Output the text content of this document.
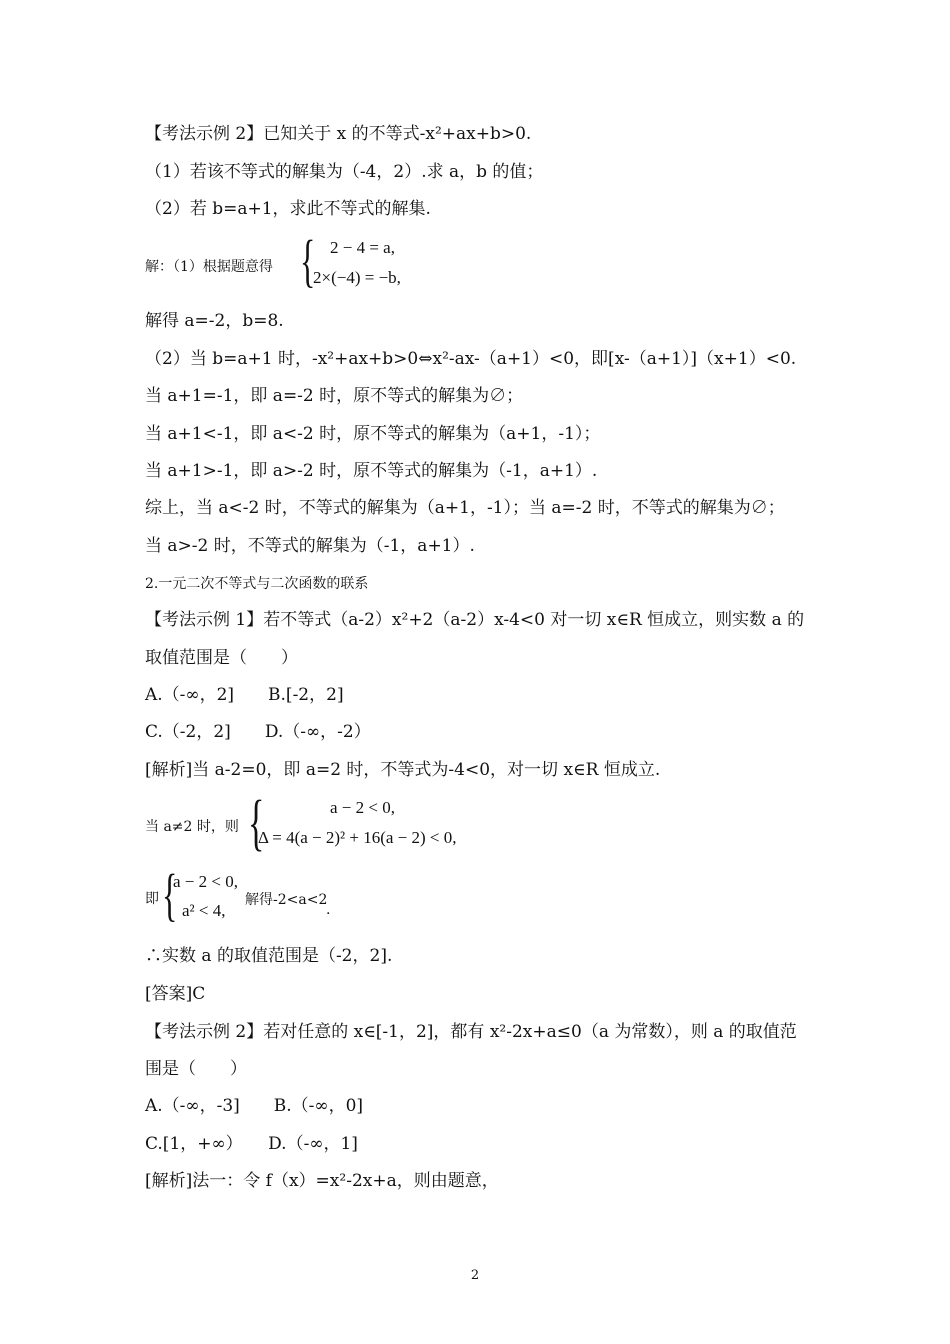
【考法示例 2】已知关于 x 的不等式-x²+ax+b>0.
（1）若该不等式的解集为（-4，2）.求 a，b 的值；
（2）若 b=a+1，求此不等式的解集.
解：（1）根据题意得 { 2 − 4 = a,
2×(−4) = −b,
解得 a=-2，b=8.
（2）当 b=a+1 时，-x²+ax+b>0⇔x²-ax-（a+1）<0，即[x-（a+1）]（x+1）<0.
当 a+1=-1，即 a=-2 时，原不等式的解集为∅；
当 a+1<-1，即 a<-2 时，原不等式的解集为（a+1，-1）；
当 a+1>-1，即 a>-2 时，原不等式的解集为（-1，a+1）.
综上，当 a<-2 时，不等式的解集为（a+1，-1）；当 a=-2 时，不等式的解集为∅；
当 a>-2 时，不等式的解集为（-1，a+1）.
2.一元二次不等式与二次函数的联系
【考法示例 1】若不等式（a-2）x²+2（a-2）x-4<0 对一切 x∈R 恒成立，则实数 a 的
取值范围是（　　）
A.（-∞，2]　　B.[-2，2]
C.（-2，2]　　D.（-∞，-2）
[解析]当 a-2=0，即 a=2 时，不等式为-4<0，对一切 x∈R 恒成立.
当 a≠2 时，则 {	a − 2 < 0,
Δ = 4(a − 2)² + 16(a − 2) < 0,
即 {
a − 2 < 0,
a² < 4,
解得-2<a<2
.
∴实数 a 的取值范围是（-2，2].
[答案]C
【考法示例 2】若对任意的 x∈[-1，2]，都有 x²-2x+a≤0（a 为常数），则 a 的取值范
围是（　　）
A.（-∞，-3]　　B.（-∞，0]
C.[1，+∞）　　D.（-∞，1]
[解析]法一：令 f（x）=x²-2x+a，则由题意，
2
